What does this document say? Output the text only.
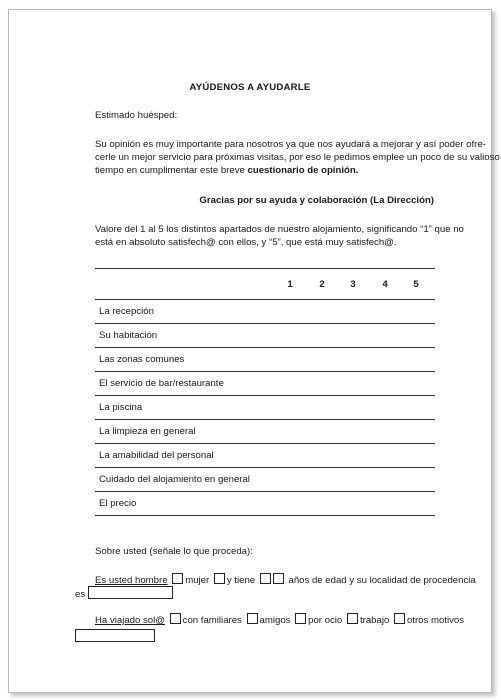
AYÚDENOS A AYUDARLE
Estimado huésped:
Su opinión es muy importante para nosotros ya que nos ayudará a mejorar y así poder ofre-
cerle un mejor servicio para próximas visitas, por eso le pedimos emplee un poco de su valioso
tiempo en cumplimentar este breve cuestionario de opinión.
Gracias por su ayuda y colaboración (La Dirección)
Valore del 1 al 5 los distintos apartados de nuestro alojamiento, significando “1” que no
está en absoluto satisfech@ con ellos, y “5”, que está muy satisfech@.
1	2	3	4	5
La recepción
Su habitación
Las zonas comunes
El servicio de bar/restaurante
La piscina
La limpieza en general
La amabilidad del personal
Cuidado del alojamiento en general
El precio
Sobre usted (señale lo que proceda):
Es usted hombre mujer y tiene	años de edad y su localidad de procedencia
es
Ha viajado sol@ con familiares amigos por ocio trabajo otros motivos
